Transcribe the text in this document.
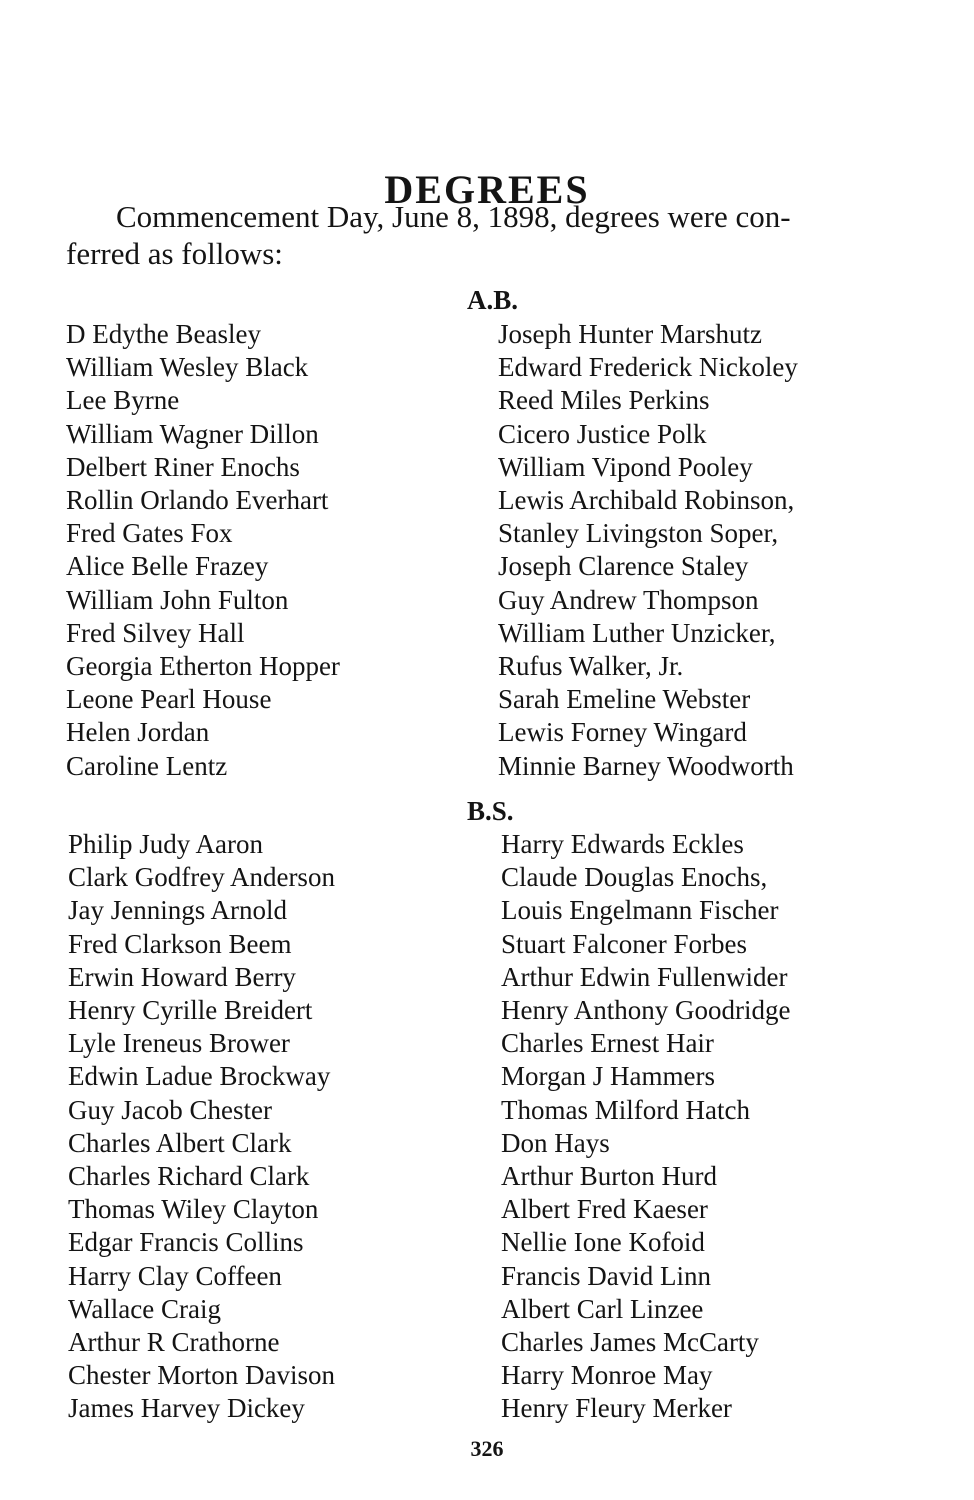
DEGREES

Commencement Day, June 8, 1898, degrees were con-
ferred as follows:

A.B.
D Edythe Beasley
William Wesley Black
Lee Byrne
William Wagner Dillon
Delbert Riner Enochs
Rollin Orlando Everhart
Fred Gates Fox
Alice Belle Frazey
William John Fulton
Fred Silvey Hall
Georgia Etherton Hopper
Leone Pearl House
Helen Jordan
Caroline Lentz
Joseph Hunter Marshutz
Edward Frederick Nickoley
Reed Miles Perkins
Cicero Justice Polk
William Vipond Pooley
Lewis Archibald Robinson,
Stanley Livingston Soper,
Joseph Clarence Staley
Guy Andrew Thompson
William Luther Unzicker,
Rufus Walker, Jr.
Sarah Emeline Webster
Lewis Forney Wingard
Minnie Barney Woodworth
B.S.
Philip Judy Aaron
Clark Godfrey Anderson
Jay Jennings Arnold
Fred Clarkson Beem
Erwin Howard Berry
Henry Cyrille Breidert
Lyle Ireneus Brower
Edwin Ladue Brockway
Guy Jacob Chester
Charles Albert Clark
Charles Richard Clark
Thomas Wiley Clayton
Edgar Francis Collins
Harry Clay Coffeen
Wallace Craig
Arthur R Crathorne
Chester Morton Davison
James Harvey Dickey
Harry Edwards Eckles
Claude Douglas Enochs,
Louis Engelmann Fischer
Stuart Falconer Forbes
Arthur Edwin Fullenwider
Henry Anthony Goodridge
Charles Ernest Hair
Morgan J Hammers
Thomas Milford Hatch
Don Hays
Arthur Burton Hurd
Albert Fred Kaeser
Nellie Ione Kofoid
Francis David Linn
Albert Carl Linzee
Charles James McCarty
Harry Monroe May
Henry Fleury Merker
326
